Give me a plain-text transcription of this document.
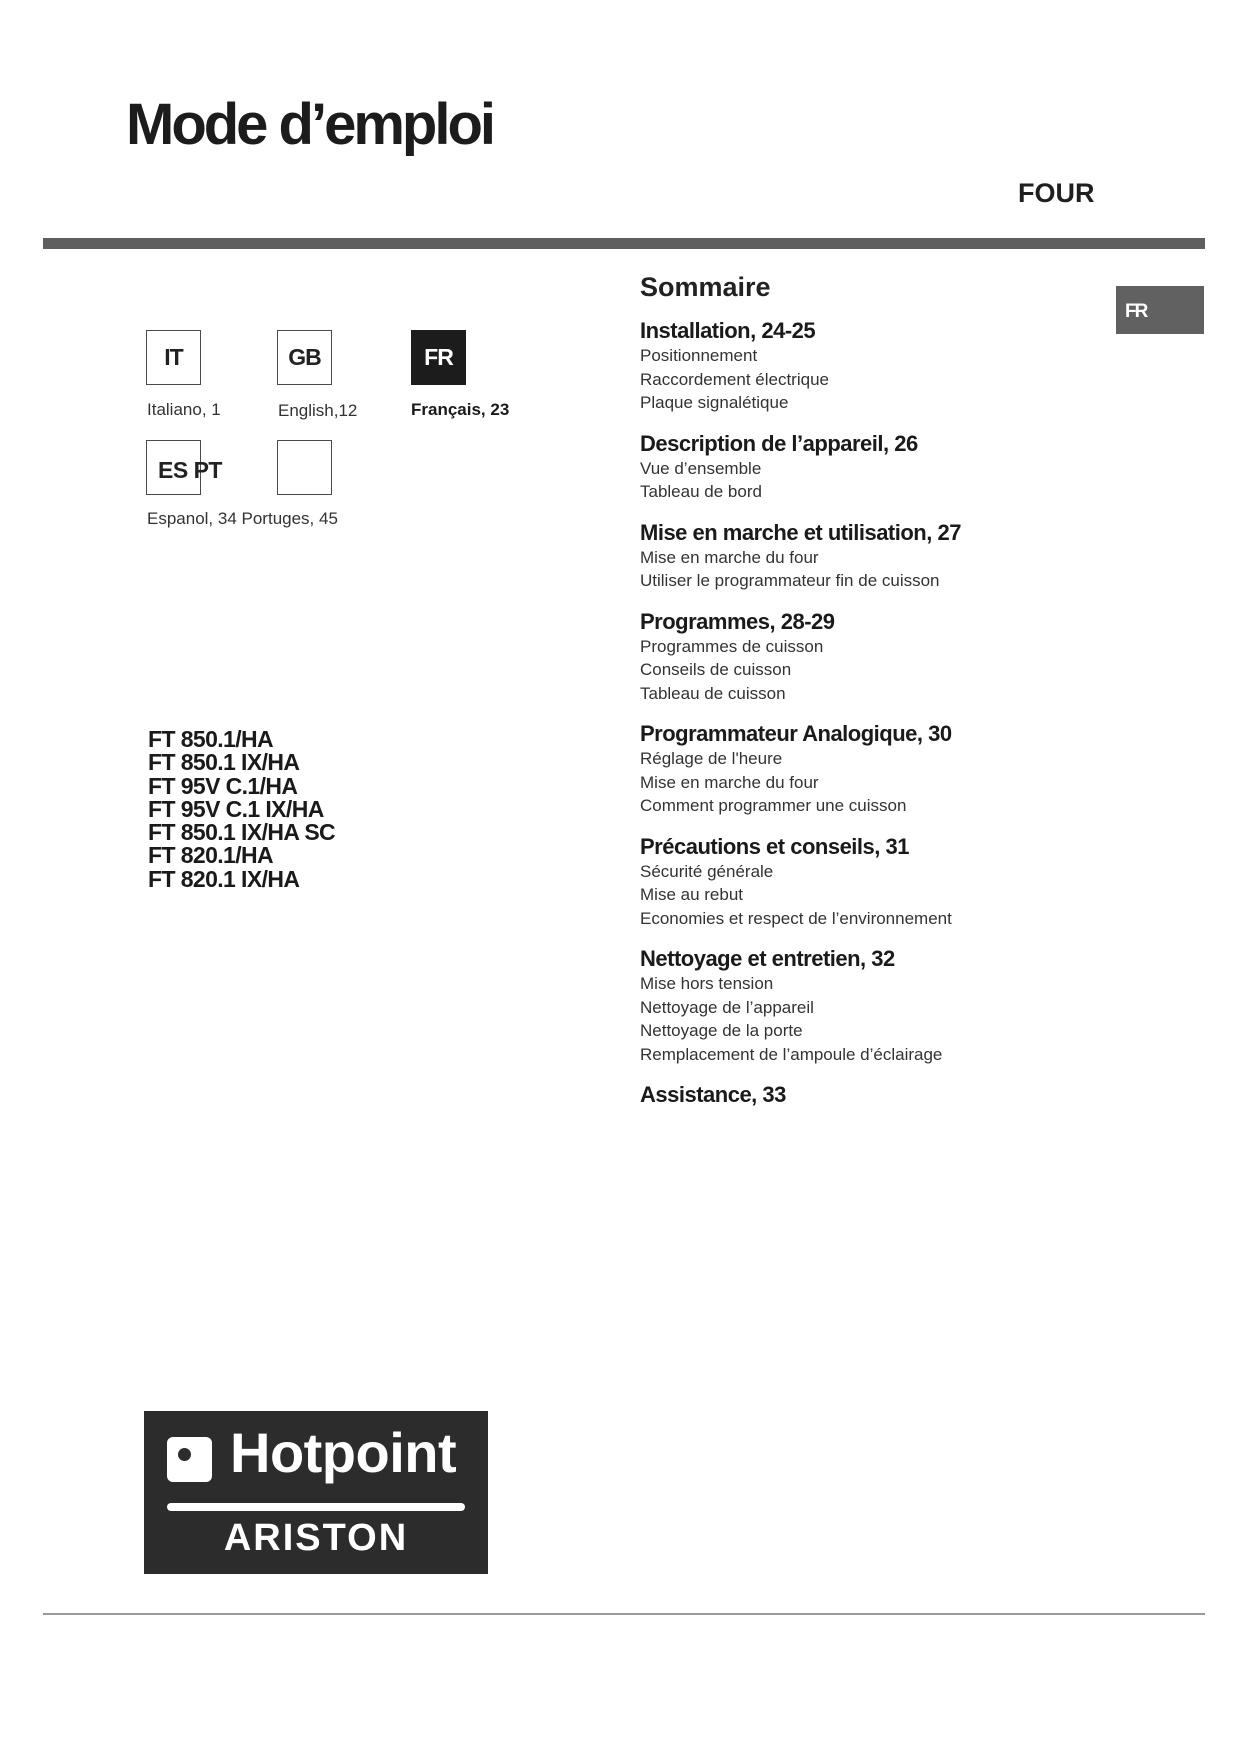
Mode d’emploi
FOUR
FR
IT
Italiano, 1
GB
English,12
FR
Français, 23
ES PT
Espanol, 34 Portuges, 45
FT 850.1/HA
FT 850.1 IX/HA
FT 95V C.1/HA
FT 95V C.1 IX/HA
FT 850.1 IX/HA SC
FT 820.1/HA
FT 820.1 IX/HA
Sommaire
Installation, 24-25
Positionnement
Raccordement électrique
Plaque signalétique
Description de l’appareil, 26
Vue d’ensemble
Tableau de bord
Mise en marche et utilisation, 27
Mise en marche du four
Utiliser le programmateur fin de cuisson
Programmes, 28-29
Programmes de cuisson
Conseils de cuisson
Tableau de cuisson
Programmateur Analogique, 30
Réglage de l'heure
Mise en marche du four
Comment programmer une cuisson
Précautions et conseils, 31
Sécurité générale
Mise au rebut
Economies et respect de l’environnement
Nettoyage et entretien, 32
Mise hors tension
Nettoyage de l’appareil
Nettoyage de la porte
Remplacement de l’ampoule d’éclairage
Assistance, 33
Hotpoint
ARISTON
